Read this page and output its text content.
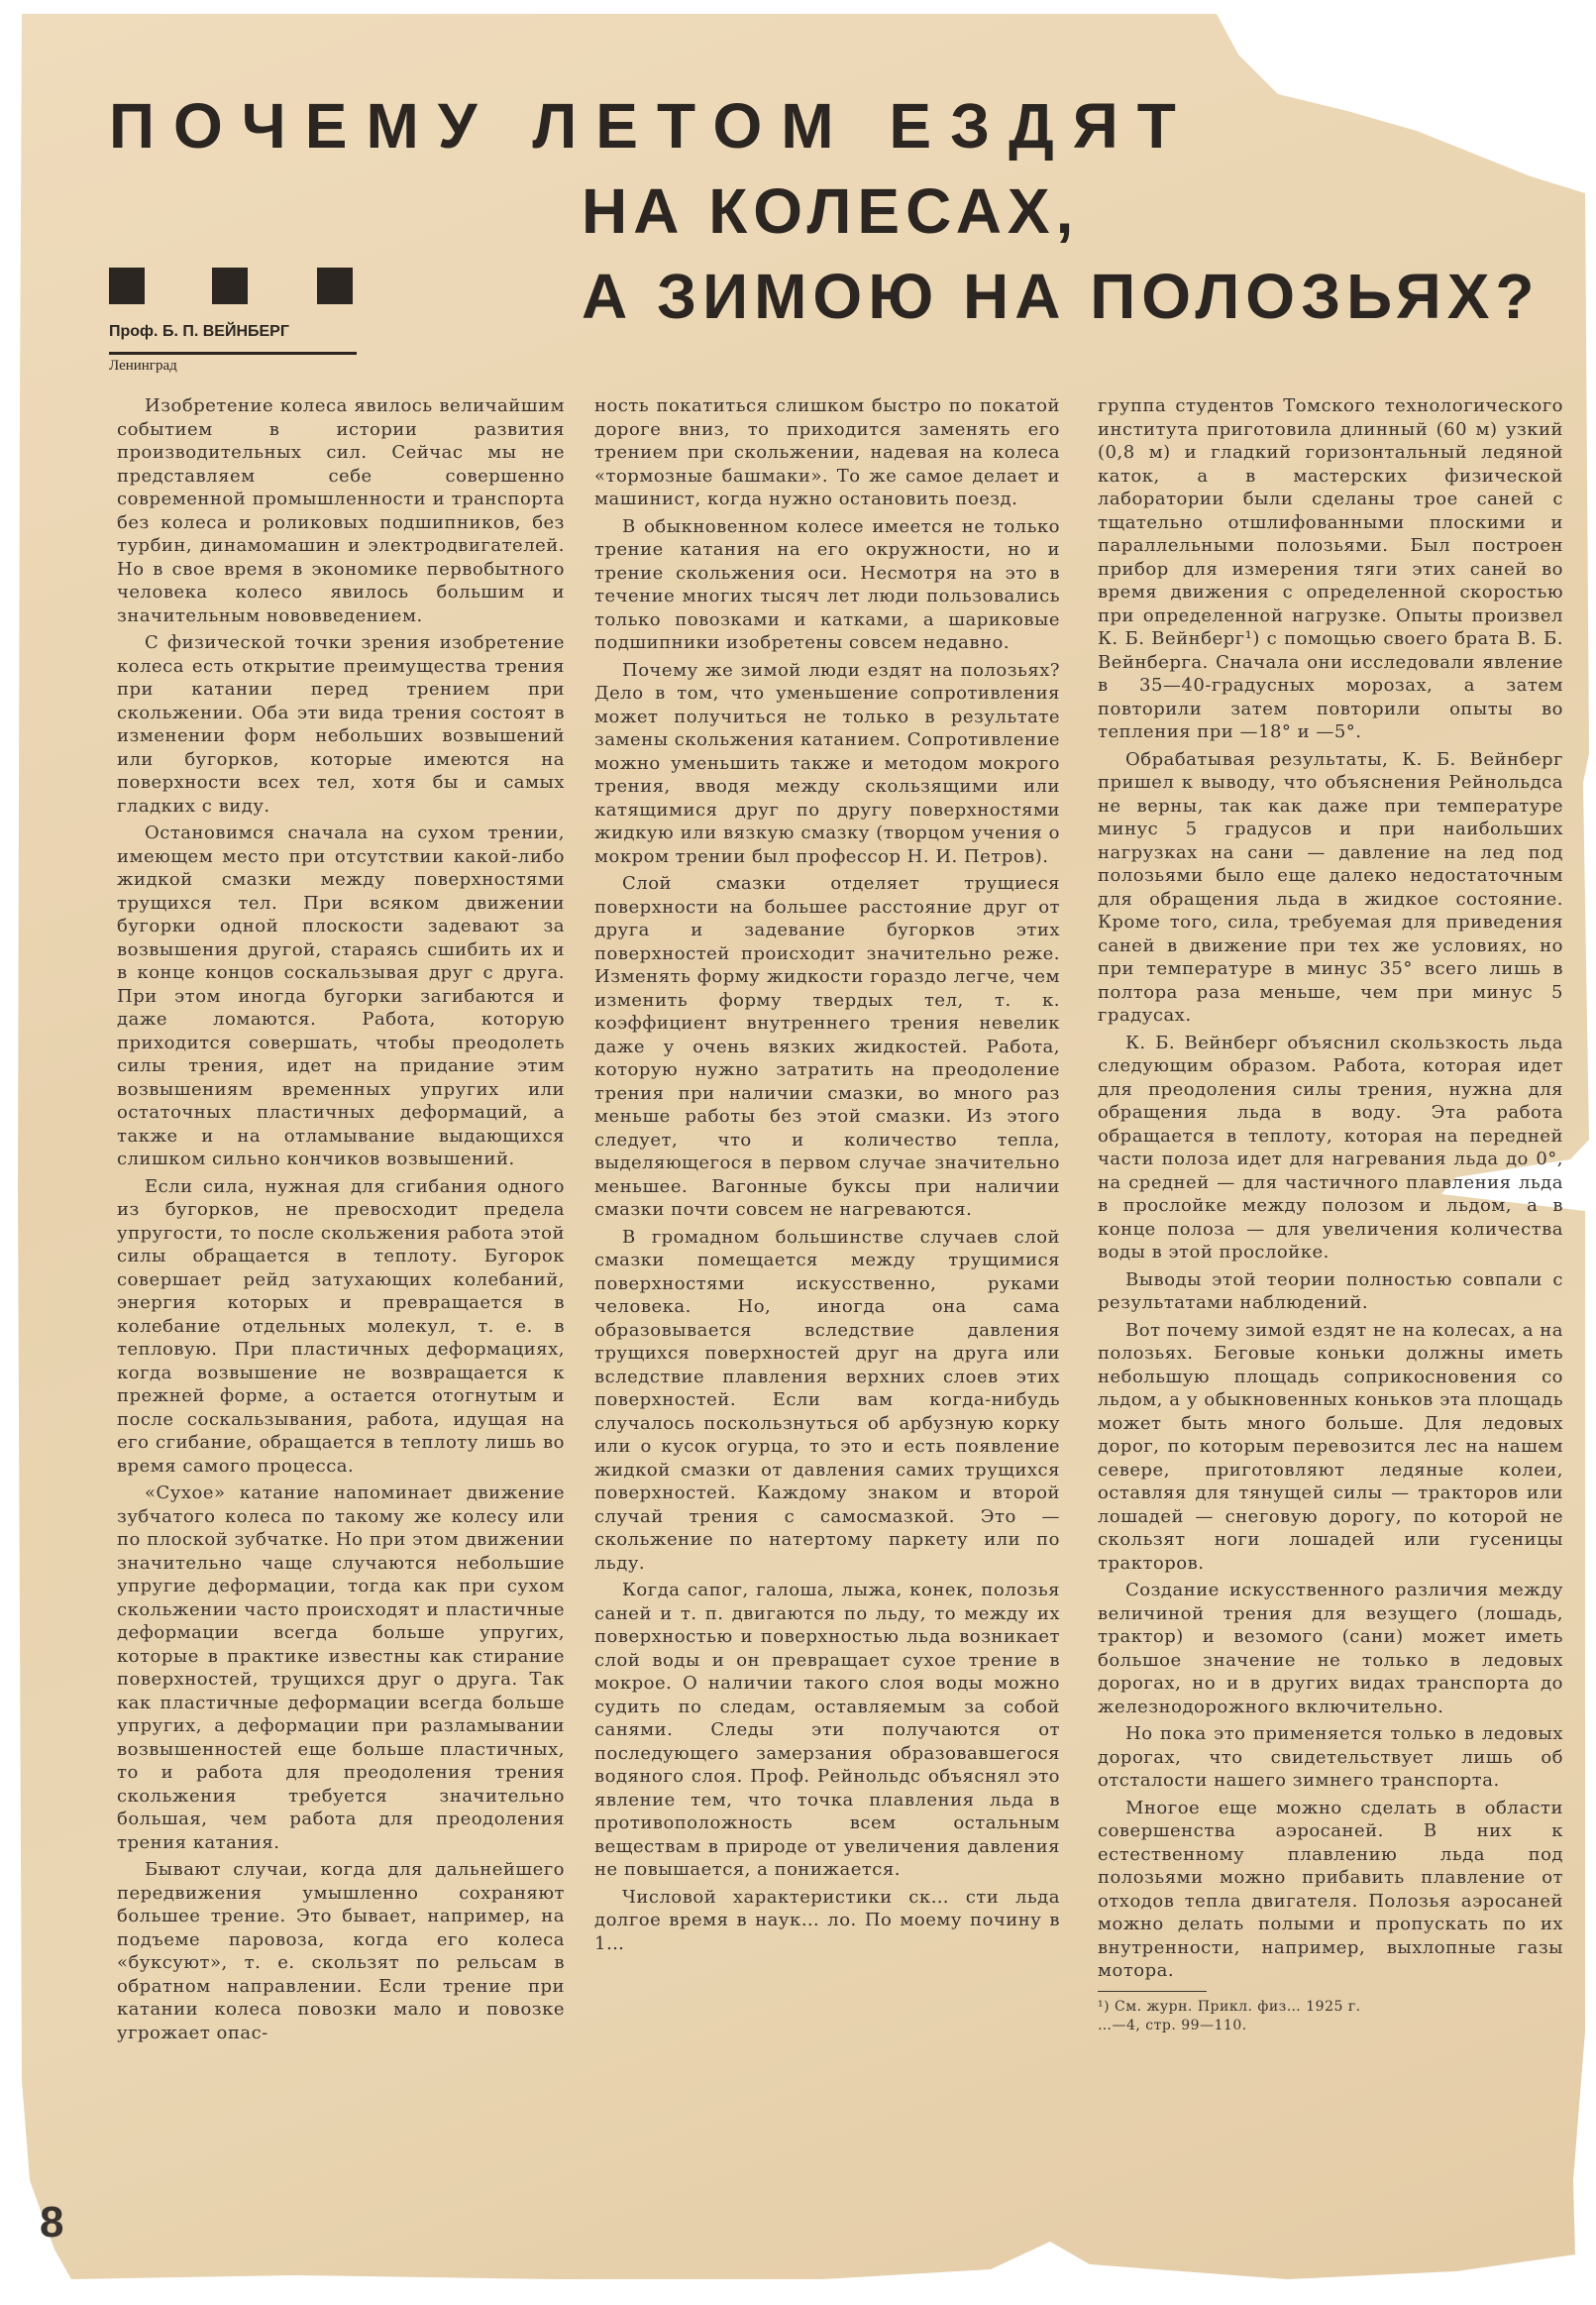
ПОЧЕМУ ЛЕТОМ ЕЗДЯТ
НА КОЛЕСАХ,
А ЗИМОЮ НА ПОЛОЗЬЯХ?
Проф. Б. П. ВЕЙНБЕРГ
Ленинград

Изобретение колеса явилось величайшим событием в истории развития производительных сил. Сейчас мы не представляем себе совершенно современной промышленности и транспорта без колеса и роликовых подшипников, без турбин, динамомашин и электродвигателей. Но в свое время в экономике первобытного человека колесо явилось большим и значительным нововведением.

С физической точки зрения изобретение колеса есть открытие преимущества трения при катании перед трением при скольжении. Оба эти вида трения состоят в изменении форм небольших возвышений или бугорков, которые имеются на поверхности всех тел, хотя бы и самых гладких с виду.

Остановимся сначала на сухом трении, имеющем место при отсутствии какой-либо жидкой смазки между поверхностями трущихся тел. При всяком движении бугорки одной плоскости задевают за возвышения другой, стараясь сшибить их и в конце концов соскальзывая друг с друга. При этом иногда бугорки загибаются и даже ломаются. Работа, которую приходится совершать, чтобы преодолеть силы трения, идет на придание этим возвышениям временных упругих или остаточных пластичных деформаций, а также и на отламывание выдающихся слишком сильно кончиков возвышений.

Если сила, нужная для сгибания одного из бугорков, не превосходит предела упругости, то после скольжения работа этой силы обращается в теплоту. Бугорок совершает рейд затухающих колебаний, энергия которых и превращается в колебание отдельных молекул, т. е. в тепловую. При пластичных деформациях, когда возвышение не возвращается к прежней форме, а остается отогнутым и после соскальзывания, работа, идущая на его сгибание, обращается в теплоту лишь во время самого процесса.

«Сухое» катание напоминает движение зубчатого колеса по такому же колесу или по плоской зубчатке. Но при этом движении значительно чаще случаются небольшие упругие деформации, тогда как при сухом скольжении часто происходят и пластичные деформации всегда больше упругих, которые в практике известны как стирание поверхностей, трущихся друг о друга. Так как пластичные деформации всегда больше упругих, а деформации при разламывании возвышенностей еще больше пластичных, то и работа для преодоления трения скольжения требуется значительно большая, чем работа для преодоления трения катания.

Бывают случаи, когда для дальнейшего передвижения умышленно сохраняют большее трение. Это бывает, например, на подъеме паровоза, когда его колеса «буксуют», т. е. скользят по рельсам в обратном направлении. Если трение при катании колеса повозки мало и повозке угрожает опас-

ность покатиться слишком быстро по покатой дороге вниз, то приходится заменять его трением при скольжении, надевая на колеса «тормозные башмаки». То же самое делает и машинист, когда нужно остановить поезд.

В обыкновенном колесе имеется не только трение катания на его окружности, но и трение скольжения оси. Несмотря на это в течение многих тысяч лет люди пользовались только повозками и катками, а шариковые подшипники изобретены совсем недавно.

Почему же зимой люди ездят на полозьях? Дело в том, что уменьшение сопротивления может получиться не только в результате замены скольжения катанием. Сопротивление можно уменьшить также и методом мокрого трения, вводя между скользящими или катящимися друг по другу поверхностями жидкую или вязкую смазку (творцом учения о мокром трении был профессор Н. И. Петров).

Слой смазки отделяет трущиеся поверхности на большее расстояние друг от друга и задевание бугорков этих поверхностей происходит значительно реже. Изменять форму жидкости гораздо легче, чем изменить форму твердых тел, т. к. коэффициент внутреннего трения невелик даже у очень вязких жидкостей. Работа, которую нужно затратить на преодоление трения при наличии смазки, во много раз меньше работы без этой смазки. Из этого следует, что и количество тепла, выделяющегося в первом случае значительно меньшее. Вагонные буксы при наличии смазки почти совсем не нагреваются.

В громадном большинстве случаев слой смазки помещается между трущимися поверхностями искусственно, руками человека. Но, иногда она сама образовывается вследствие давления трущихся поверхностей друг на друга или вследствие плавления верхних слоев этих поверхностей. Если вам когда-нибудь случалось поскользнуться об арбузную корку или о кусок огурца, то это и есть появление жидкой смазки от давления самих трущихся поверхностей. Каждому знаком и второй случай трения с самосмазкой. Это — скольжение по натертому паркету или по льду.

Когда сапог, галоша, лыжа, конек, полозья саней и т. п. двигаются по льду, то между их поверхностью и поверхностью льда возникает слой воды и он превращает сухое трение в мокрое. О наличии такого слоя воды можно судить по следам, оставляемым за собой санями. Следы эти получаются от последующего замерзания образовавшегося водяного слоя. Проф. Рейнольдс объяснял это явление тем, что точка плавления льда в противоположность всем остальным веществам в природе от увеличения давления не повышается, а понижается.

Числовой характеристики ск… сти льда долгое время в наук… ло. По моему почину в 1…

группа студентов Томского технологического института приготовила длинный (60 м) узкий (0,8 м) и гладкий горизонтальный ледяной каток, а в мастерских физической лаборатории были сделаны трое саней с тщательно отшлифованными плоскими и параллельными полозьями. Был построен прибор для измерения тяги этих саней во время движения с определенной скоростью при определенной нагрузке. Опыты произвел К. Б. Вейнберг¹) с помощью своего брата В. Б. Вейнберга. Сначала они исследовали явление в 35—40-градусных морозах, а затем повторили затем повторили опыты во тепления при —18° и —5°.

Обрабатывая результаты, К. Б. Вейнберг пришел к выводу, что объяснения Рейнольдса не верны, так как даже при температуре минус 5 градусов и при наибольших нагрузках на сани — давление на лед под полозьями было еще далеко недостаточным для обращения льда в жидкое состояние. Кроме того, сила, требуемая для приведения саней в движение при тех же условиях, но при температуре в минус 35° всего лишь в полтора раза меньше, чем при минус 5 градусах.

К. Б. Вейнберг объяснил скользкость льда следующим образом. Работа, которая идет для преодоления силы трения, нужна для обращения льда в воду. Эта работа обращается в теплоту, которая на передней части полоза идет для нагревания льда до 0°, на средней — для частичного плавления льда в прослойке между полозом и льдом, а в конце полоза — для увеличения количества воды в этой прослойке.

Выводы этой теории полностью совпали с результатами наблюдений.

Вот почему зимой ездят не на колесах, а на полозьях. Беговые коньки должны иметь небольшую площадь соприкосновения со льдом, а у обыкновенных коньков эта площадь может быть много больше. Для ледовых дорог, по которым перевозится лес на нашем севере, приготовляют ледяные колеи, оставляя для тянущей силы — тракторов или лошадей — снеговую дорогу, по которой не скользят ноги лошадей или гусеницы тракторов.

Создание искусственного различия между величиной трения для везущего (лошадь, трактор) и везомого (сани) может иметь большое значение не только в ледовых дорогах, но и в других видах транспорта до железнодорожного включительно.

Но пока это применяется только в ледовых дорогах, что свидетельствует лишь об отсталости нашего зимнего транспорта.

Многое еще можно сделать в области совершенства аэросаней. В них к естественному плавлению льда под полозьями можно прибавить плавление от отходов тепла двигателя. Полозья аэросаней можно делать полыми и пропускать по их внутренности, например, выхлопные газы мотора.

¹) См. журн. Прикл. физ… 1925 г.
…—4, стр. 99—110.
8
